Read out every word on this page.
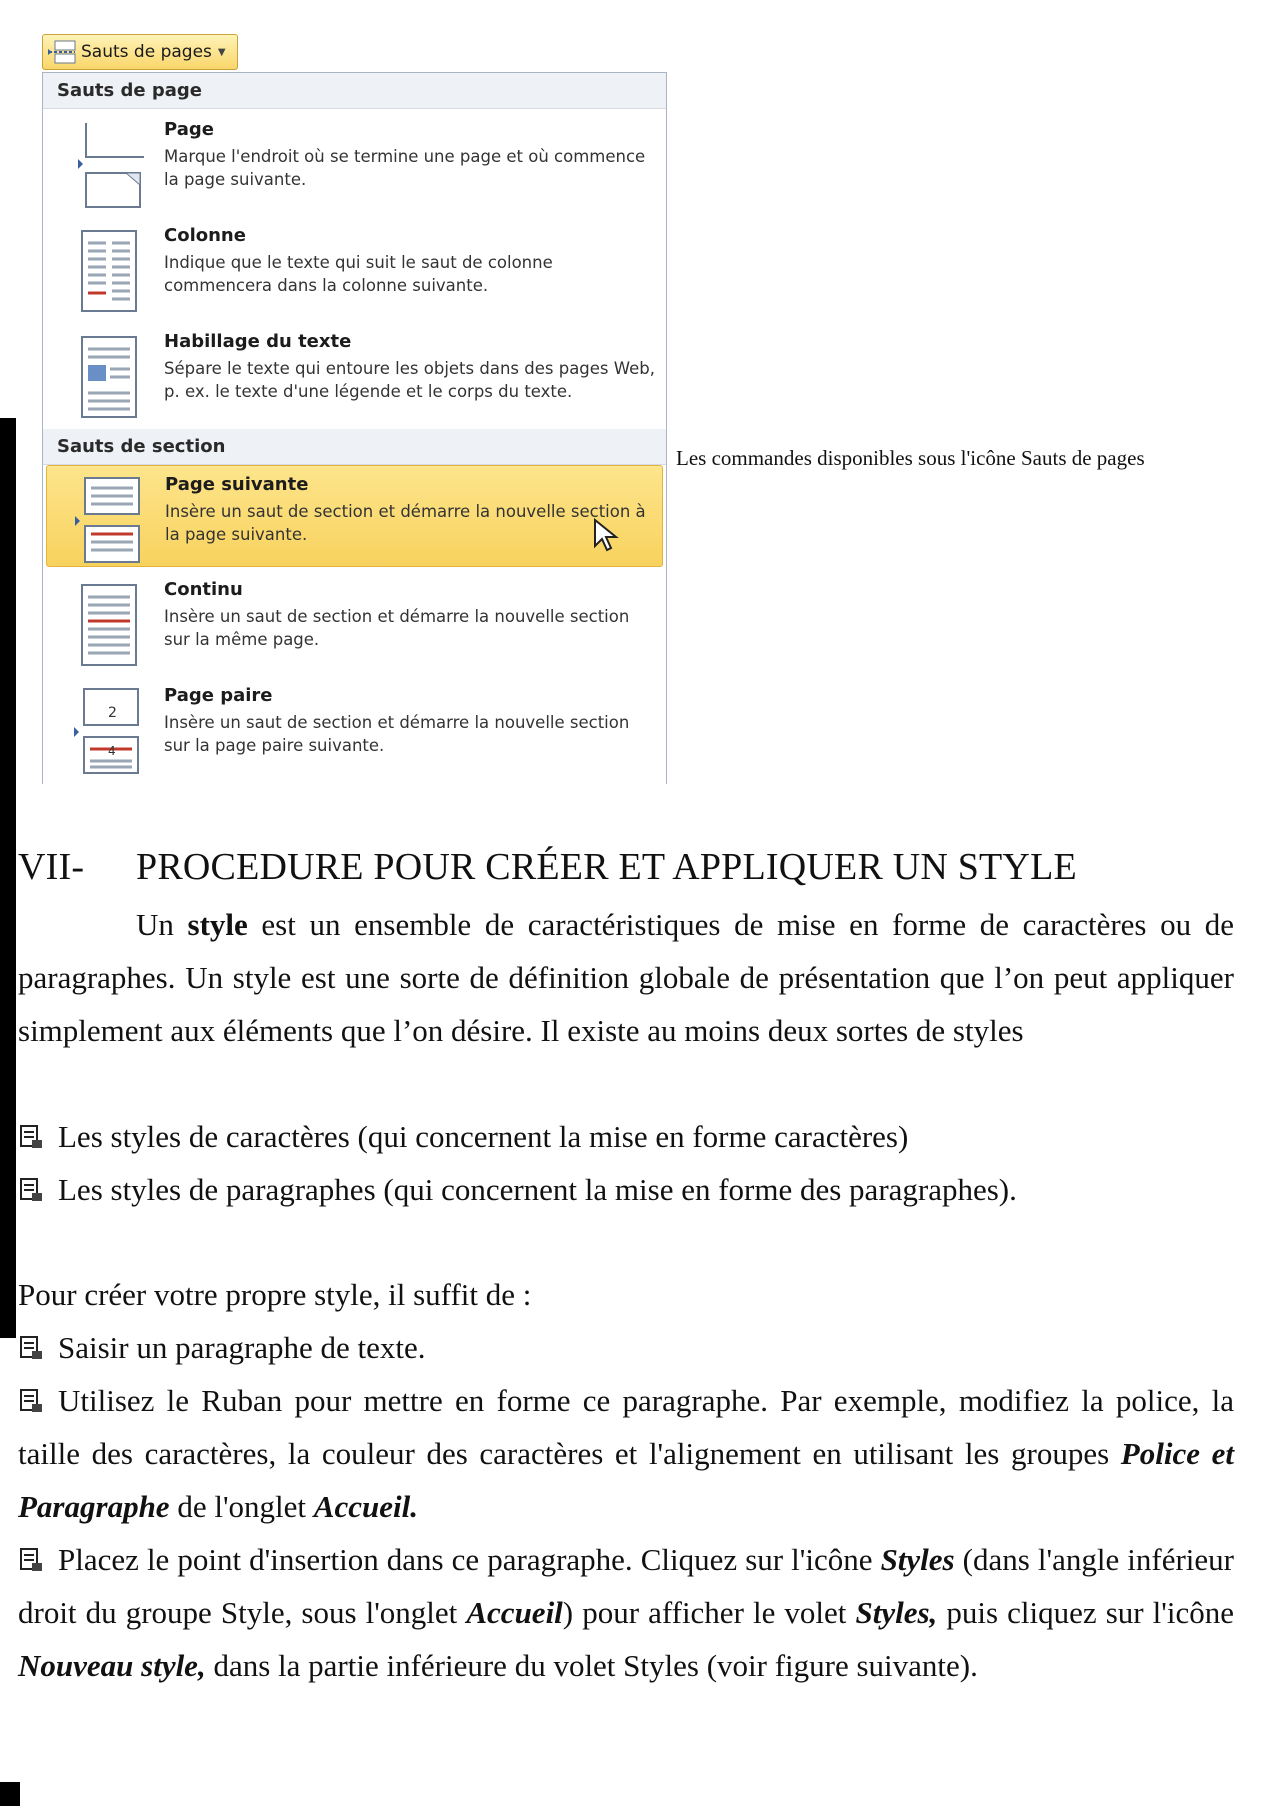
Sauts de pages ▼
Sauts de page
Page
Marque l'endroit où se termine une page et où commence la page suivante.
Colonne
Indique que le texte qui suit le saut de colonne commencera dans la colonne suivante.
Habillage du texte
Sépare le texte qui entoure les objets dans des pages Web, p. ex. le texte d'une légende et le corps du texte.
Sauts de section
Page suivante
Insère un saut de section et démarre la nouvelle section à la page suivante.
Continu
Insère un saut de section et démarre la nouvelle section sur la même page.
2
4
Page paire
Insère un saut de section et démarre la nouvelle section sur la page paire suivante.
Les commandes disponibles sous l'icône Sauts de pages
VII- PROCEDURE POUR CRÉER ET APPLIQUER UN STYLE
Un style est un ensemble de caractéristiques de mise en forme de caractères ou de paragraphes. Un style est une sorte de définition globale de présentation que l’on peut appliquer simplement aux éléments que l’on désire. Il existe au moins deux sortes de styles
Les styles de caractères (qui concernent la mise en forme caractères)
Les styles de paragraphes (qui concernent la mise en forme des paragraphes).
Pour créer votre propre style, il suffit de :
Saisir un paragraphe de texte.
Utilisez le Ruban pour mettre en forme ce paragraphe. Par exemple, modifiez la police, la taille des caractères, la couleur des caractères et l'alignement en utilisant les groupes Police et Paragraphe de l'onglet Accueil.
Placez le point d'insertion dans ce paragraphe. Cliquez sur l'icône Styles (dans l'angle inférieur droit du groupe Style, sous l'onglet Accueil) pour afficher le volet Styles, puis cliquez sur l'icône Nouveau style, dans la partie inférieure du volet Styles (voir figure suivante).
